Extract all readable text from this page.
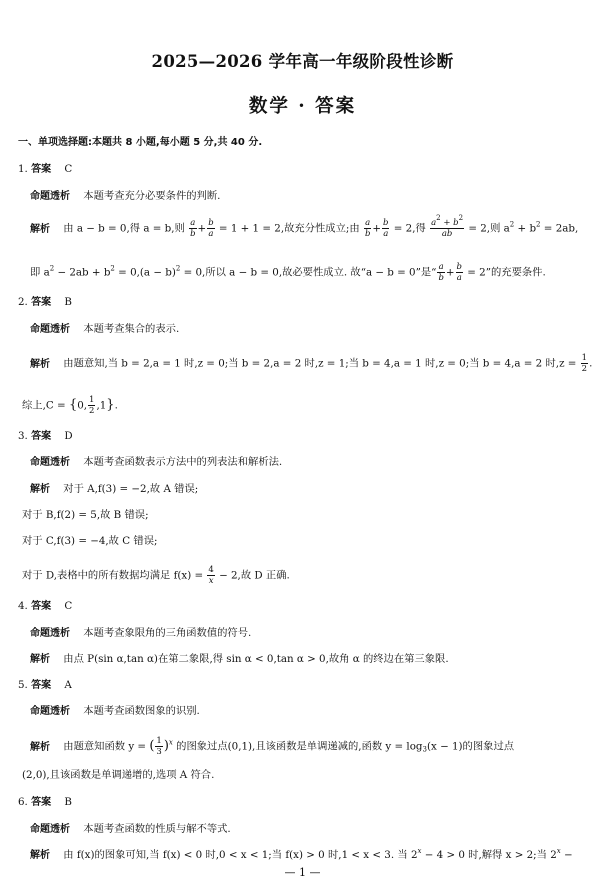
2025—2026 学年高一年级阶段性诊断
数学 · 答案
一、单项选择题:本题共 8 小题,每小题 5 分,共 40 分.
1. 答案 C
命题透析 本题考查充分必要条件的判断.
解析 由 a − b = 0,得 a = b,则 $\frac{a}{b} + \frac{b}{a} = 1 + 1 = 2$,故充分性成立;由 $\frac{a}{b} + \frac{b}{a} = 2$,得 $\frac{a^2 + b^2}{ab} = 2$,则 $a^2 + b^2 = 2ab$,
即 $a^2 - 2ab + b^2 = 0,(a - b)^2 = 0$,所以 a − b = 0,故必要性成立. 故“a − b = 0”是“ $\frac{a}{b} + \frac{b}{a} = 2$”的充要条件.
2. 答案 B
命题透析 本题考查集合的表示.
解析 由题意知,当 b = 2,a = 1 时,z = 0;当 b = 2,a = 2 时,z = 1;当 b = 4,a = 1 时,z = 0;当 b = 4,a = 2 时$,z = \frac{1}{2}$ .
综上,C = {0, $\frac{1}{2} ,1$}.
3. 答案 D
命题透析 本题考查函数表示方法中的列表法和解析法.
解析 对于 A,f(3) = −2,故 A 错误;
对于 B,f(2) = 5,故 B 错误;
对于 C,f(3) = −4,故 C 错误;
对于 D,表格中的所有数据均满足 $f(x) = \frac{4}{x} - 2$,故 D 正确.
4. 答案 C
命题透析 本题考查象限角的三角函数值的符号.
解析 由点 P(sin α,tan α)在第二象限,得 sin α < 0,tan α > 0,故角 α 的终边在第三象限.
5. 答案 A
命题透析 本题考查函数图象的识别.
解析 由题意知函数 y = ( $\frac{1}{3} )^x$ 的图象过点(0,1),且该函数是单调递减的,函数 $y = \log_3(x - 1)$的图象过点
(2,0),且该函数是单调递增的,选项 A 符合.
6. 答案 B
命题透析 本题考查函数的性质与解不等式.
解析 由 f(x)的图象可知,当 f(x) < 0 时,0 < x < 1;当 f(x) > 0 时,1 < x < 3. 当 $2^x - 4 > 0$ 时,解得 x > 2;当 $2^x$ −
— 1 —
